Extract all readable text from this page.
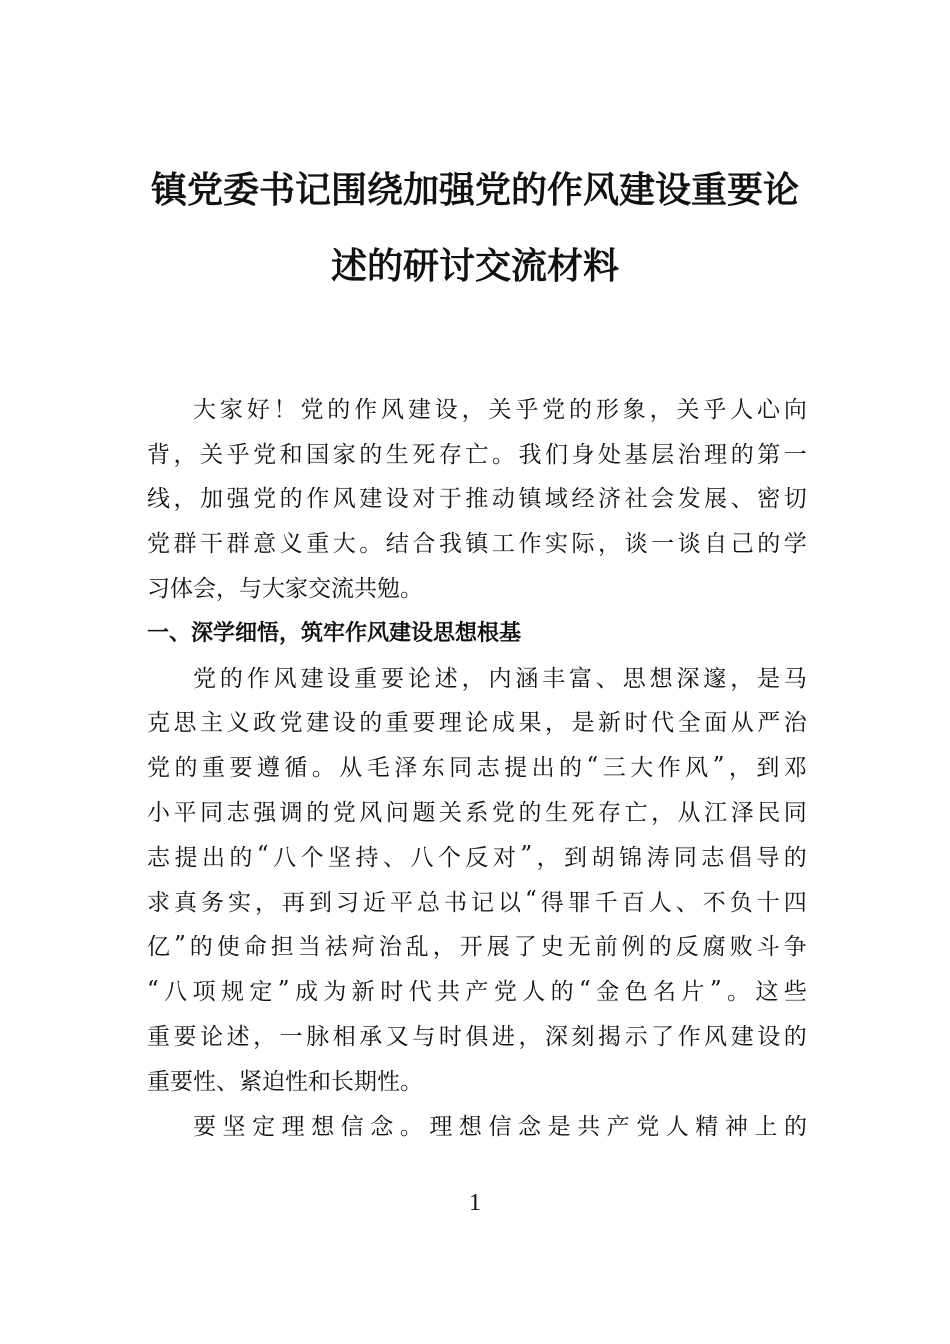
镇党委书记围绕加强党的作风建设重要论
述的研讨交流材料
大 家 好 ！ 党 的 作 风 建 设 ， 关 乎 党 的 形 象 ， 关 乎 人 心 向
背 ， 关 乎 党 和 国 家 的 生 死 存 亡 。 我 们 身 处 基 层 治 理 的 第 一
线 ， 加 强 党 的 作 风 建 设 对 于 推 动 镇 域 经 济 社 会 发 展 、 密 切
党 群 干 群 意 义 重 大 。 结 合 我 镇 工 作 实 际 ， 谈 一 谈 自 己 的 学
习体会，与大家交流共勉。
一、深学细悟，筑牢作风建设思想根基
党 的 作 风 建 设 重 要 论 述 ， 内 涵 丰 富 、 思 想 深 邃 ， 是 马
克 思 主 义 政 党 建 设 的 重 要 理 论 成 果 ， 是 新 时 代 全 面 从 严 治
党 的 重 要 遵 循 。 从 毛 泽 东 同 志 提 出 的 “ 三 大 作 风 ” ， 到 邓
小 平 同 志 强 调 的 党 风 问 题 关 系 党 的 生 死 存 亡 ， 从 江 泽 民 同
志 提 出 的 “ 八 个 坚 持 、 八 个 反 对 ” ， 到 胡 锦 涛 同 志 倡 导 的
求 真 务 实 ， 再 到 习 近 平 总 书 记 以 “ 得 罪 千 百 人 、 不 负 十 四
亿 ” 的 使 命 担 当 祛 疴 治 乱 ， 开 展 了 史 无 前 例 的 反 腐 败 斗 争
“ 八 项 规 定 ” 成 为 新 时 代 共 产 党 人 的 “ 金 色 名 片 ” 。 这 些
重 要 论 述 ， 一 脉 相 承 又 与 时 俱 进 ， 深 刻 揭 示 了 作 风 建 设 的
重要性、紧迫性和长期性。
要 坚 定 理 想 信 念 。 理 想 信 念 是 共 产 党 人 精 神 上 的
1
